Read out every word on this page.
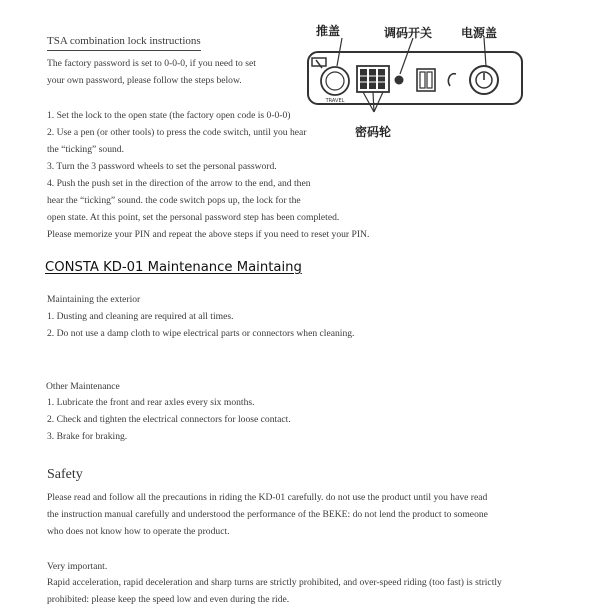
TSA combination lock instructions
The factory password is set to 0-0-0, if you need to set
your own password, please follow the steps below.
1. Set the lock to the open state (the factory open code is 0-0-0)
2. Use a pen (or other tools) to press the code switch, until you hear
the “ticking” sound.
3. Turn the 3 password wheels to set the personal password.
4. Push the push set in the direction of the arrow to the end, and then
hear the “ticking” sound. the code switch pops up, the lock for the
open state. At this point, set the personal password step has been completed.
Please memorize your PIN and repeat the above steps if you need to reset your PIN.
TRAVEL
推盖	调码开关 电源盖
密码轮
CONSTA KD-01 Maintenance Maintaing
Maintaining the exterior
1. Dusting and cleaning are required at all times.
2. Do not use a damp cloth to wipe electrical parts or connectors when cleaning.
Other Maintenance
1. Lubricate the front and rear axles every six months.
2. Check and tighten the electrical connectors for loose contact.
3. Brake for braking.
Safety
Please read and follow all the precautions in riding the KD-01 carefully. do not use the product until you have read
the instruction manual carefully and understood the performance of the BEKE: do not lend the product to someone
who does not know how to operate the product.
Very important.
Rapid acceleration, rapid deceleration and sharp turns are strictly prohibited, and over-speed riding (too fast) is strictly
prohibited: please keep the speed low and even during the ride.
